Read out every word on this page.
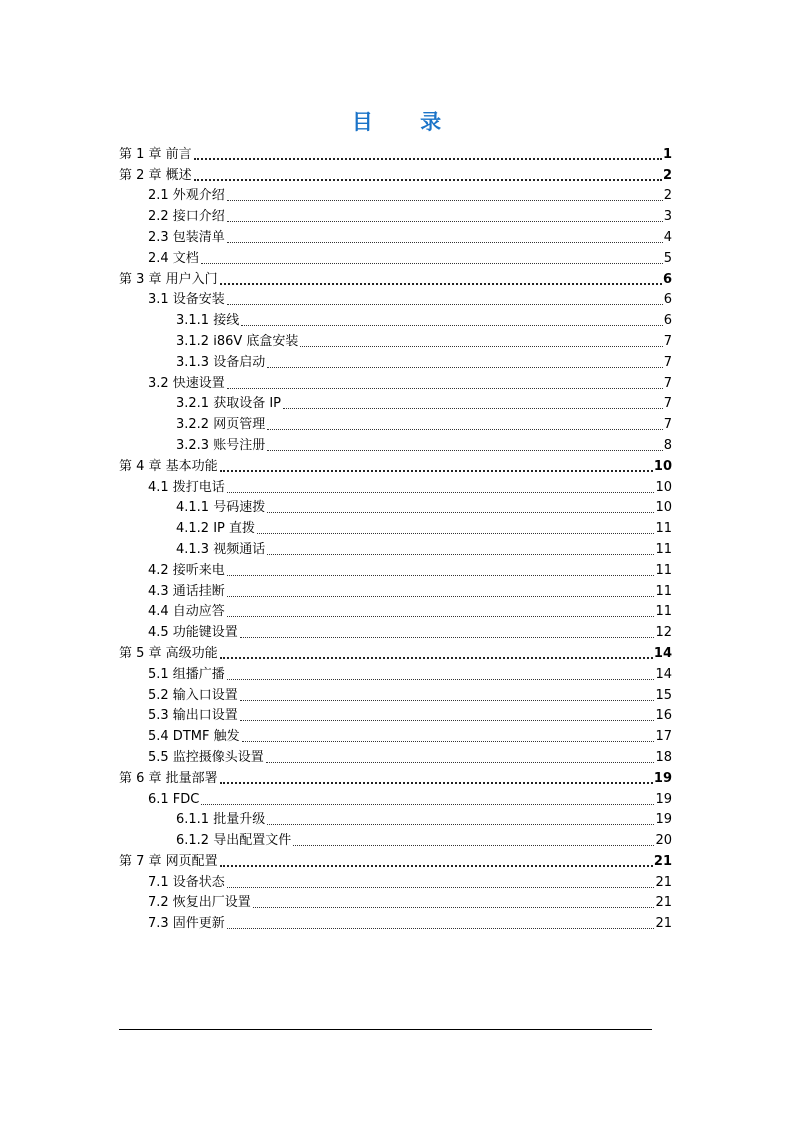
目 录
第 1 章 前言	1
第 2 章 概述	2
2.1 外观介绍	2
2.2 接口介绍	3
2.3 包装清单	4
2.4 文档	5
第 3 章 用户入门	6
3.1 设备安装	6
3.1.1 接线	6
3.1.2 i86V 底盒安装	7
3.1.3 设备启动	7
3.2 快速设置	7
3.2.1 获取设备 IP	7
3.2.2 网页管理	7
3.2.3 账号注册	8
第 4 章 基本功能	10
4.1 拨打电话	10
4.1.1 号码速拨	10
4.1.2 IP 直拨	11
4.1.3 视频通话	11
4.2 接听来电	11
4.3 通话挂断	11
4.4 自动应答	11
4.5 功能键设置	12
第 5 章 高级功能	14
5.1 组播广播	14
5.2 输入口设置	15
5.3 输出口设置	16
5.4 DTMF 触发	17
5.5 监控摄像头设置	18
第 6 章 批量部署	19
6.1 FDC	19
6.1.1 批量升级	19
6.1.2 导出配置文件	20
第 7 章 网页配置	21
7.1 设备状态	21
7.2 恢复出厂设置	21
7.3 固件更新	21
